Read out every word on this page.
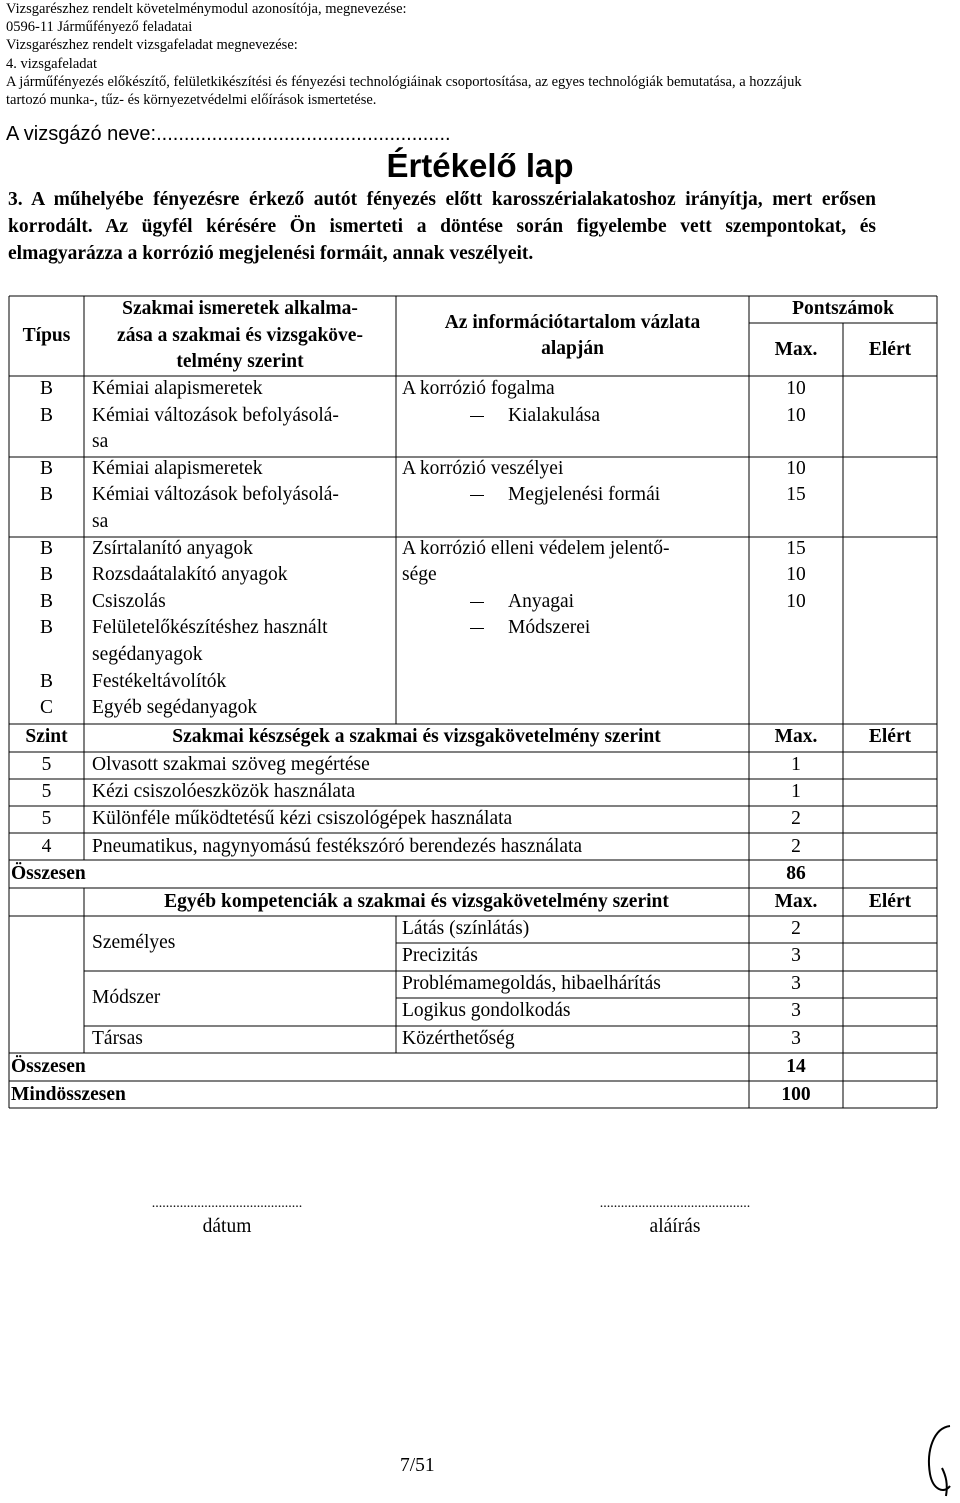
Vizsgarészhez rendelt követelménymodul azonosítója, megnevezése:
0596-11 Járműfényező feladatai
Vizsgarészhez rendelt vizsgafeladat megnevezése:
4. vizsgafeladat
A járműfényezés előkészítő, felületkikészítési és fényezési technológiáinak csoportosítása, az egyes technológiák bemutatása, a hozzájuk
tartozó munka-, tűz- és környezetvédelmi előírások ismertetése.
A vizsgázó neve:.....................................................
Értékelő lap
3. A műhelyébe fényezésre érkező autót fényezés előtt karosszérialakatoshoz irányítja, mert erősen korrodált. Az ügyfél kérésére Ön ismerteti a döntése során figyelembe vett szempontokat, és elmagyarázza a korrózió megjelenési formáit, annak veszélyeit.
Típus
Szakmai ismeretek alkalma-
zása a szakmai és vizsgaköve-
telmény szerint
Az információtartalom vázlata
alapján
Pontszámok
Max.	Elért
B	Kémiai alapismeretek	A korrózió fogalma	10
B	Kémiai változások befolyásolá-	Kialakulása	10
sa
B	Kémiai alapismeretek	A korrózió veszélyei	10
B	Kémiai változások befolyásolá-	Megjelenési formái	15
sa
B	Zsírtalanító anyagok	A korrózió elleni védelem jelentő-	15
B	Rozsdaátalakító anyagok	sége	10
B	Csiszolás	Anyagai	10
B	Felületelőkészítéshez használt	Módszerei
segédanyagok
B	Festékeltávolítók
C	Egyéb segédanyagok
Szint	Szakmai készségek a szakmai és vizsgakövetelmény szerint	Max.	Elért
5	Olvasott szakmai szöveg megértése	1
5	Kézi csiszolóeszközök használata	1
5	Különféle működtetésű kézi csiszológépek használata	2
4	Pneumatikus, nagynyomású festékszóró berendezés használata	2
Összesen	86
Egyéb kompetenciák a szakmai és vizsgakövetelmény szerint	Max.	Elért
Személyes
Látás (színlátás)	2
Precizitás	3
Módszer
Problémamegoldás, hibaelhárítás	3
Logikus gondolkodás	3
Társas	Közérthetőség	3
Összesen	14
Mindösszesen	100
...........................................
dátum
...........................................
aláírás
7/51
